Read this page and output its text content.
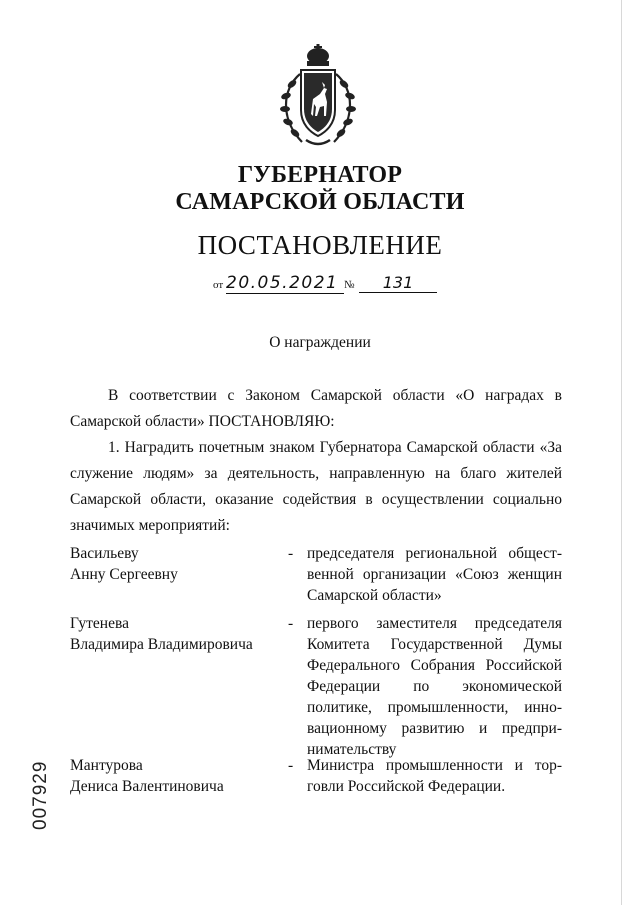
ГУБЕРНАТОР
САМАРСКОЙ ОБЛАСТИ
ПОСТАНОВЛЕНИЕ
от 20.05.2021 №	131
О награждении
В соответствии с Законом Самарской области «О наградах в
Самарской области» ПОСТАНОВЛЯЮ:
1. Наградить почетным знаком Губернатора Самарской области «За
служение людям» за деятельность, направленную на благо жителей
Самарской области, оказание содействия в осуществлении социально
значимых мероприятий:
Васильеву
Анну Сергеевну
- председателя региональной общест-
венной организации «Союз женщин
Самарской области»
Гутенева
Владимира Владимировича
- первого заместителя председателя
Комитета Государственной Думы
Федерального Собрания Российской
Федерации по экономической
политике, промышленности, инно-
вационному развитию и предпри-
нимательству
Мантурова
Дениса Валентиновича
- Министра промышленности и тор-
говли Российской Федерации.
007929
